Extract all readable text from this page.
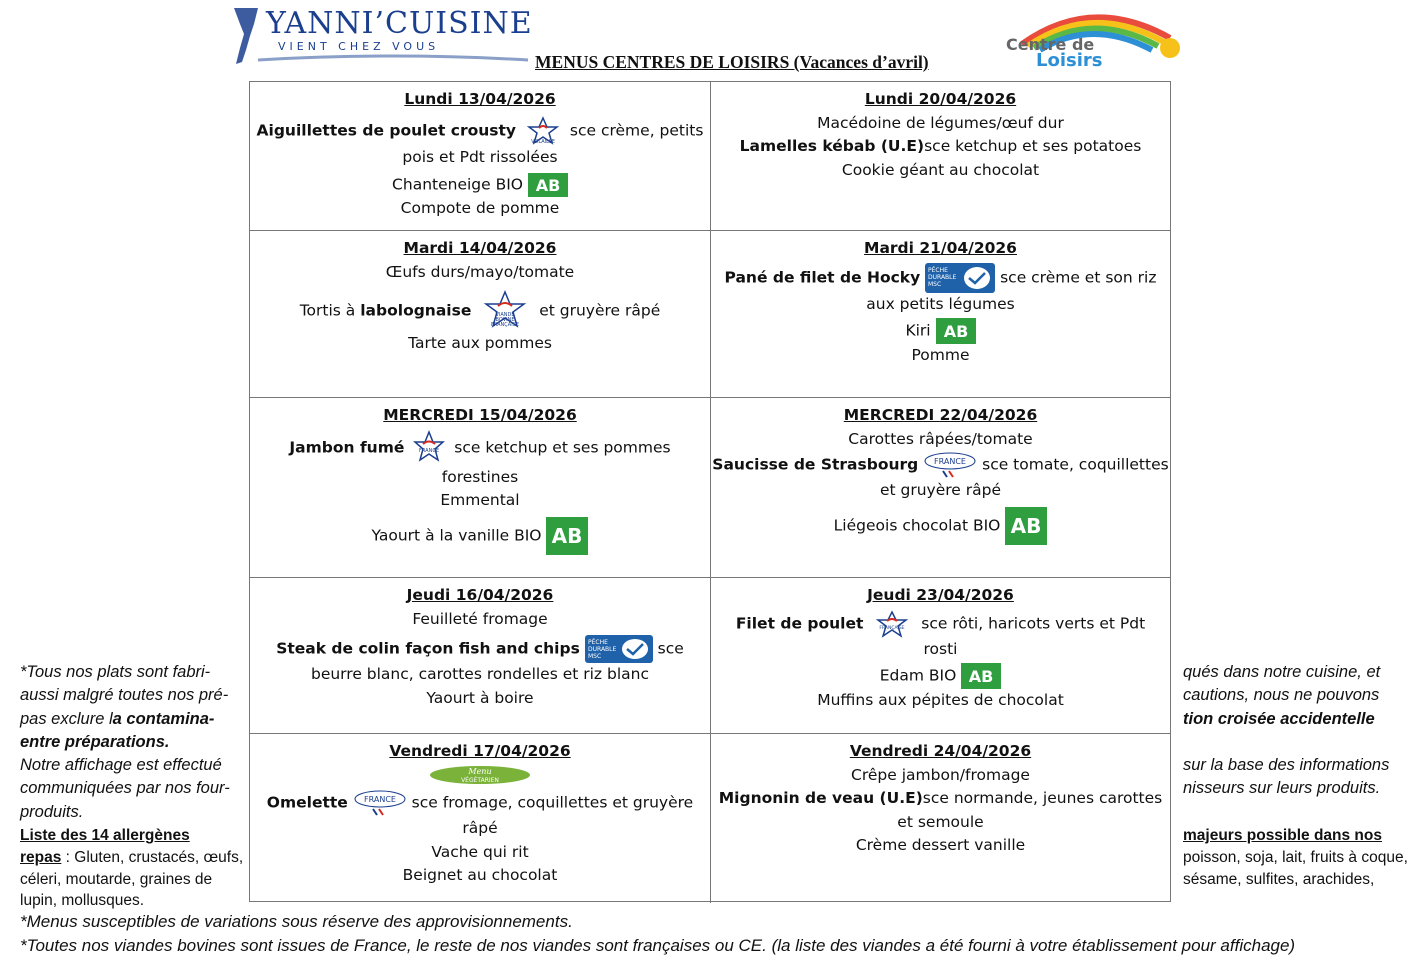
YANNI’CUISINE
VIENT CHEZ VOUS	Centre de
Loisirs
MENUS CENTRES DE LOISIRS (Vacances d’avril)
Lundi 13/04/2026
Aiguillettes de poulet crousty
VOLAILLE
sce crème, petits
pois et Pdt rissolées
Chanteneige BIO AB
Compote de pomme
Lundi 20/04/2026
Macédoine de légumes/œuf dur
Lamelles kébab (U.E)sce ketchup et ses potatoes
Cookie géant au chocolat
Mardi 14/04/2026
Œufs durs/mayo/tomate
Tortis à labolognaise	VIANDE
BOVINE
FRANÇAISE
et gruyère râpé
Tarte aux pommes
Mardi 21/04/2026
Pané de filet de Hocky PÊCHE
DURABLE
MSC	sce crème et son riz
aux petits légumes
Kiri AB
Pomme
MERCREDI 15/04/2026
Jambon fumé	FRANCE sce ketchup et ses pommes
forestines
Emmental
Yaourt à la vanille BIO AB
MERCREDI 22/04/2026
Carottes râpées/tomate
Saucisse de Strasbourg FRANCE sce tomate, coquillettes
et gruyère râpé
Liégeois chocolat BIO AB
Jeudi 16/04/2026
Feuilleté fromage
Steak de colin façon fish and chips PÊCHE
DURABLE
MSC	sce
beurre blanc, carottes rondelles et riz blanc
Yaourt à boire
Jeudi 23/04/2026
Filet de poulet	FRANÇAISE sce rôti, haricots verts et Pdt
rosti
Edam BIO AB
Muffins aux pépites de chocolat
Vendredi 17/04/2026
Menu
VÉGÉTARIEN
Omelette FRANCE sce fromage, coquillettes et gruyère
râpé
Vache qui rit
Beignet au chocolat
Vendredi 24/04/2026
Crêpe jambon/fromage
Mignonin de veau (U.E)sce normande, jeunes carottes
et semoule
Crème dessert vanille
*Tous nos plats sont fabri-
aussi malgré toutes nos pré-
pas exclure la contamina-
entre préparations.
Notre affichage est effectué
communiquées par nos four-
produits.
Liste des 14 allergènes
repas : Gluten, crustacés, œufs,
céleri, moutarde, graines de
lupin, mollusques.
qués dans notre cuisine, et
cautions, nous ne pouvons
tion croisée accidentelle

sur la base des informations
nisseurs sur leurs produits.

majeurs possible dans nos
poisson, soja, lait, fruits à coque,
sésame, sulfites, arachides,
*Menus susceptibles de variations sous réserve des approvisionnements.
*Toutes nos viandes bovines sont issues de France, le reste de nos viandes sont françaises ou CE. (la liste des viandes a été fourni à votre établissement pour affichage)
